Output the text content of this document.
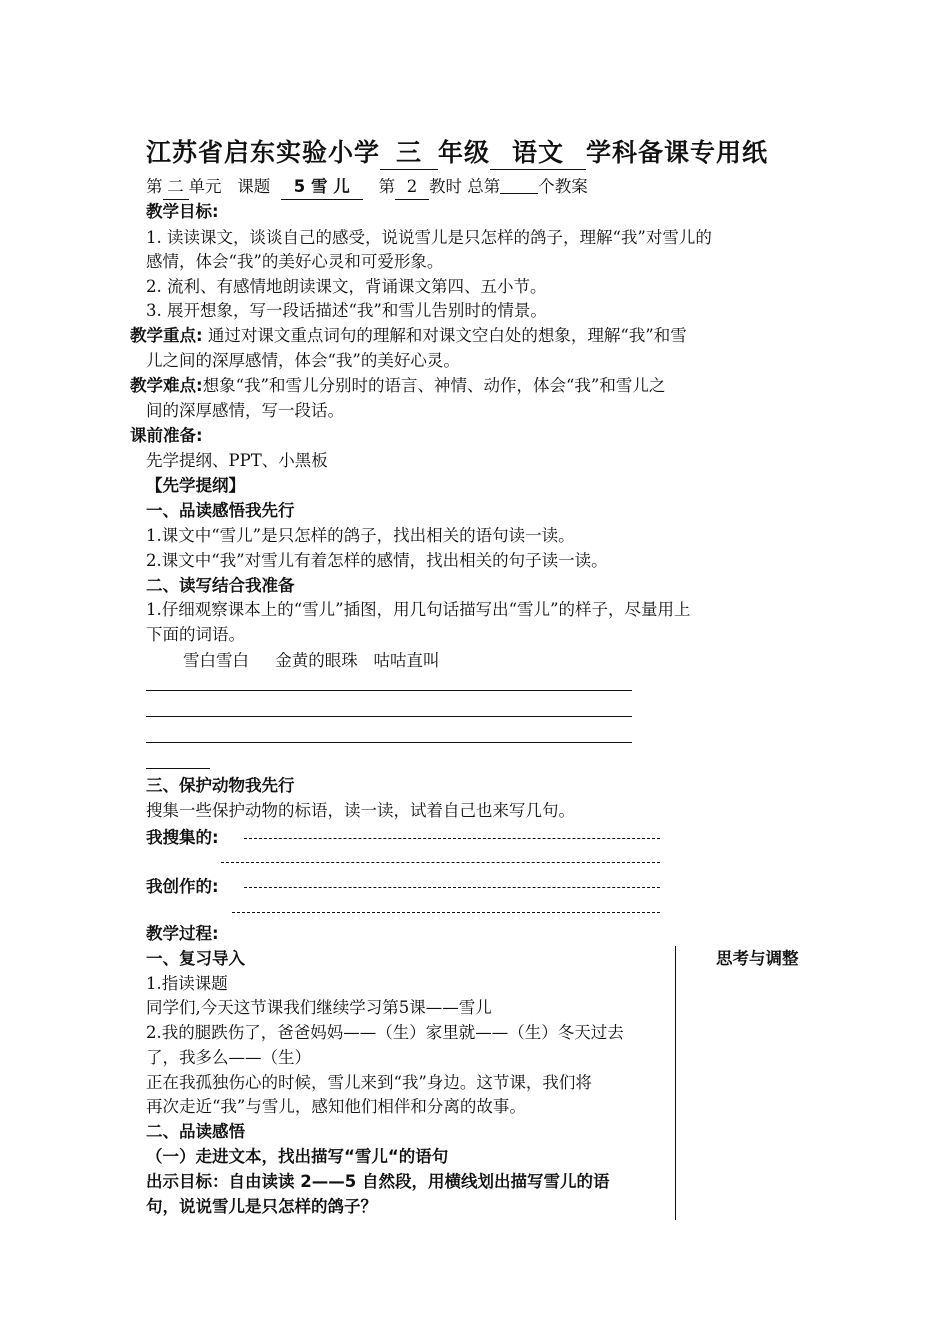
江苏省启东实验小学 三 年级 语文 学科备课专用纸
第 二 单元 课题 5 雪 儿 第 2 教时 总第 个教案
教学目标:
1. 读读课文，谈谈自己的感受，说说雪儿是只怎样的鸽子，理解“我”对雪儿的
感情，体会“我”的美好心灵和可爱形象。
2. 流利、有感情地朗读课文，背诵课文第四、五小节。
3. 展开想象，写一段话描述“我”和雪儿告别时的情景。
教学重点: 通过对课文重点词句的理解和对课文空白处的想象，理解“我”和雪
儿之间的深厚感情，体会“我”的美好心灵。
教学难点:想象“我”和雪儿分别时的语言、神情、动作，体会“我”和雪儿之
间的深厚感情，写一段话。
课前准备:
先学提纲、PPT、小黑板
【先学提纲】
一、品读感悟我先行
1.课文中“雪儿”是只怎样的鸽子，找出相关的语句读一读。
2.课文中“我”对雪儿有着怎样的感情，找出相关的句子读一读。
二、读写结合我准备
1.仔细观察课本上的“雪儿”插图，用几句话描写出“雪儿”的样子，尽量用上
下面的词语。
雪白雪白     金黄的眼珠   咕咕直叫
三、保护动物我先行
搜集一些保护动物的标语，读一读，试着自己也来写几句。
我搜集的:
我创作的:
教学过程:
思考与调整
一、复习导入
1.指读课题
同学们,今天这节课我们继续学习第5课——雪儿
2.我的腿跌伤了，爸爸妈妈——（生）家里就——（生）冬天过去
了，我多么——（生）
正在我孤独伤心的时候，雪儿来到“我”身边。这节课，我们将
再次走近“我”与雪儿，感知他们相伴和分离的故事。
二、品读感悟
（一）走进文本，找出描写“雪儿“的语句
出示目标：自由读读 2——5 自然段，用横线划出描写雪儿的语
句，说说雪儿是只怎样的鸽子？
